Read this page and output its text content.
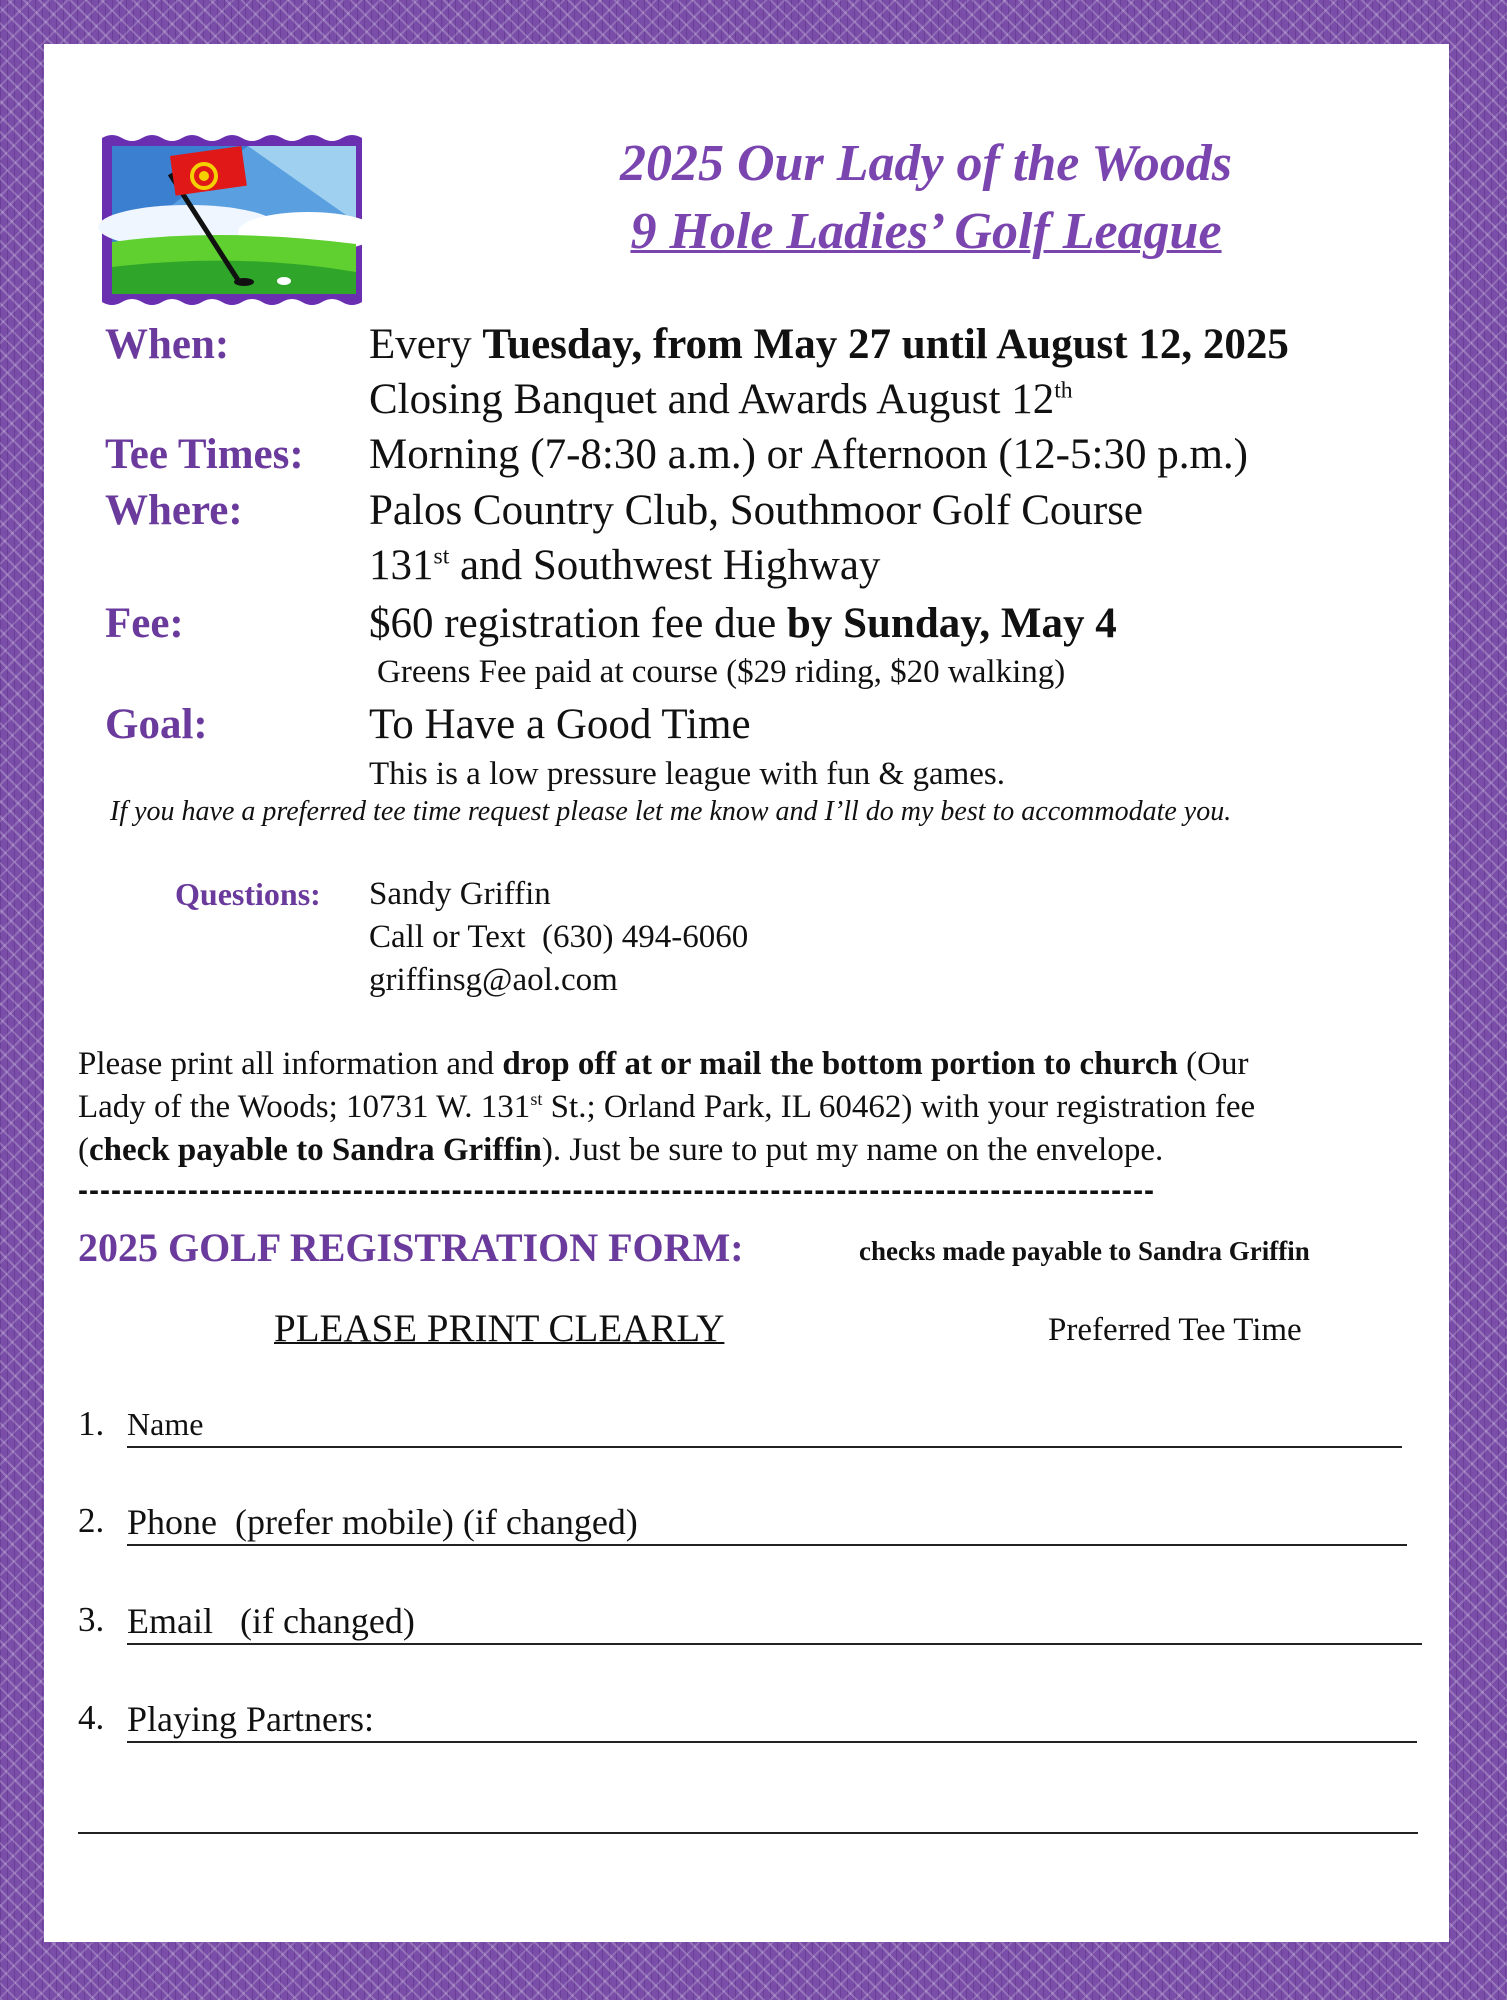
2025 Our Lady of the Woods
9 Hole Ladies’ Golf League
When:	Every Tuesday, from May 27 until August 12, 2025
Closing Banquet and Awards August 12th
Tee Times: Morning (7-8:30 a.m.) or Afternoon (12-5:30 p.m.)
Where:	Palos Country Club, Southmoor Golf Course
131st and Southwest Highway
Fee:	$60 registration fee due by Sunday, May 4
Greens Fee paid at course ($29 riding, $20 walking)
Goal:	To Have a Good Time
This is a low pressure league with fun & games.
If you have a preferred tee time request please let me know and I’ll do my best to accommodate you.
Questions: Sandy Griffin
Call or Text  (630) 494-6060
griffinsg@aol.com
Please print all information and drop off at or mail the bottom portion to church (Our
Lady of the Woods; 10731 W. 131st St.; Orland Park, IL 60462) with your registration fee
(check payable to Sandra Griffin). Just be sure to put my name on the envelope.
--------------------------------------------------------------------------------------------------
2025 GOLF REGISTRATION FORM:	checks made payable to Sandra Griffin
PLEASE PRINT CLEARLY	Preferred Tee Time
1. Name
2. Phone  (prefer mobile) (if changed)
3. Email   (if changed)
4. Playing Partners:
